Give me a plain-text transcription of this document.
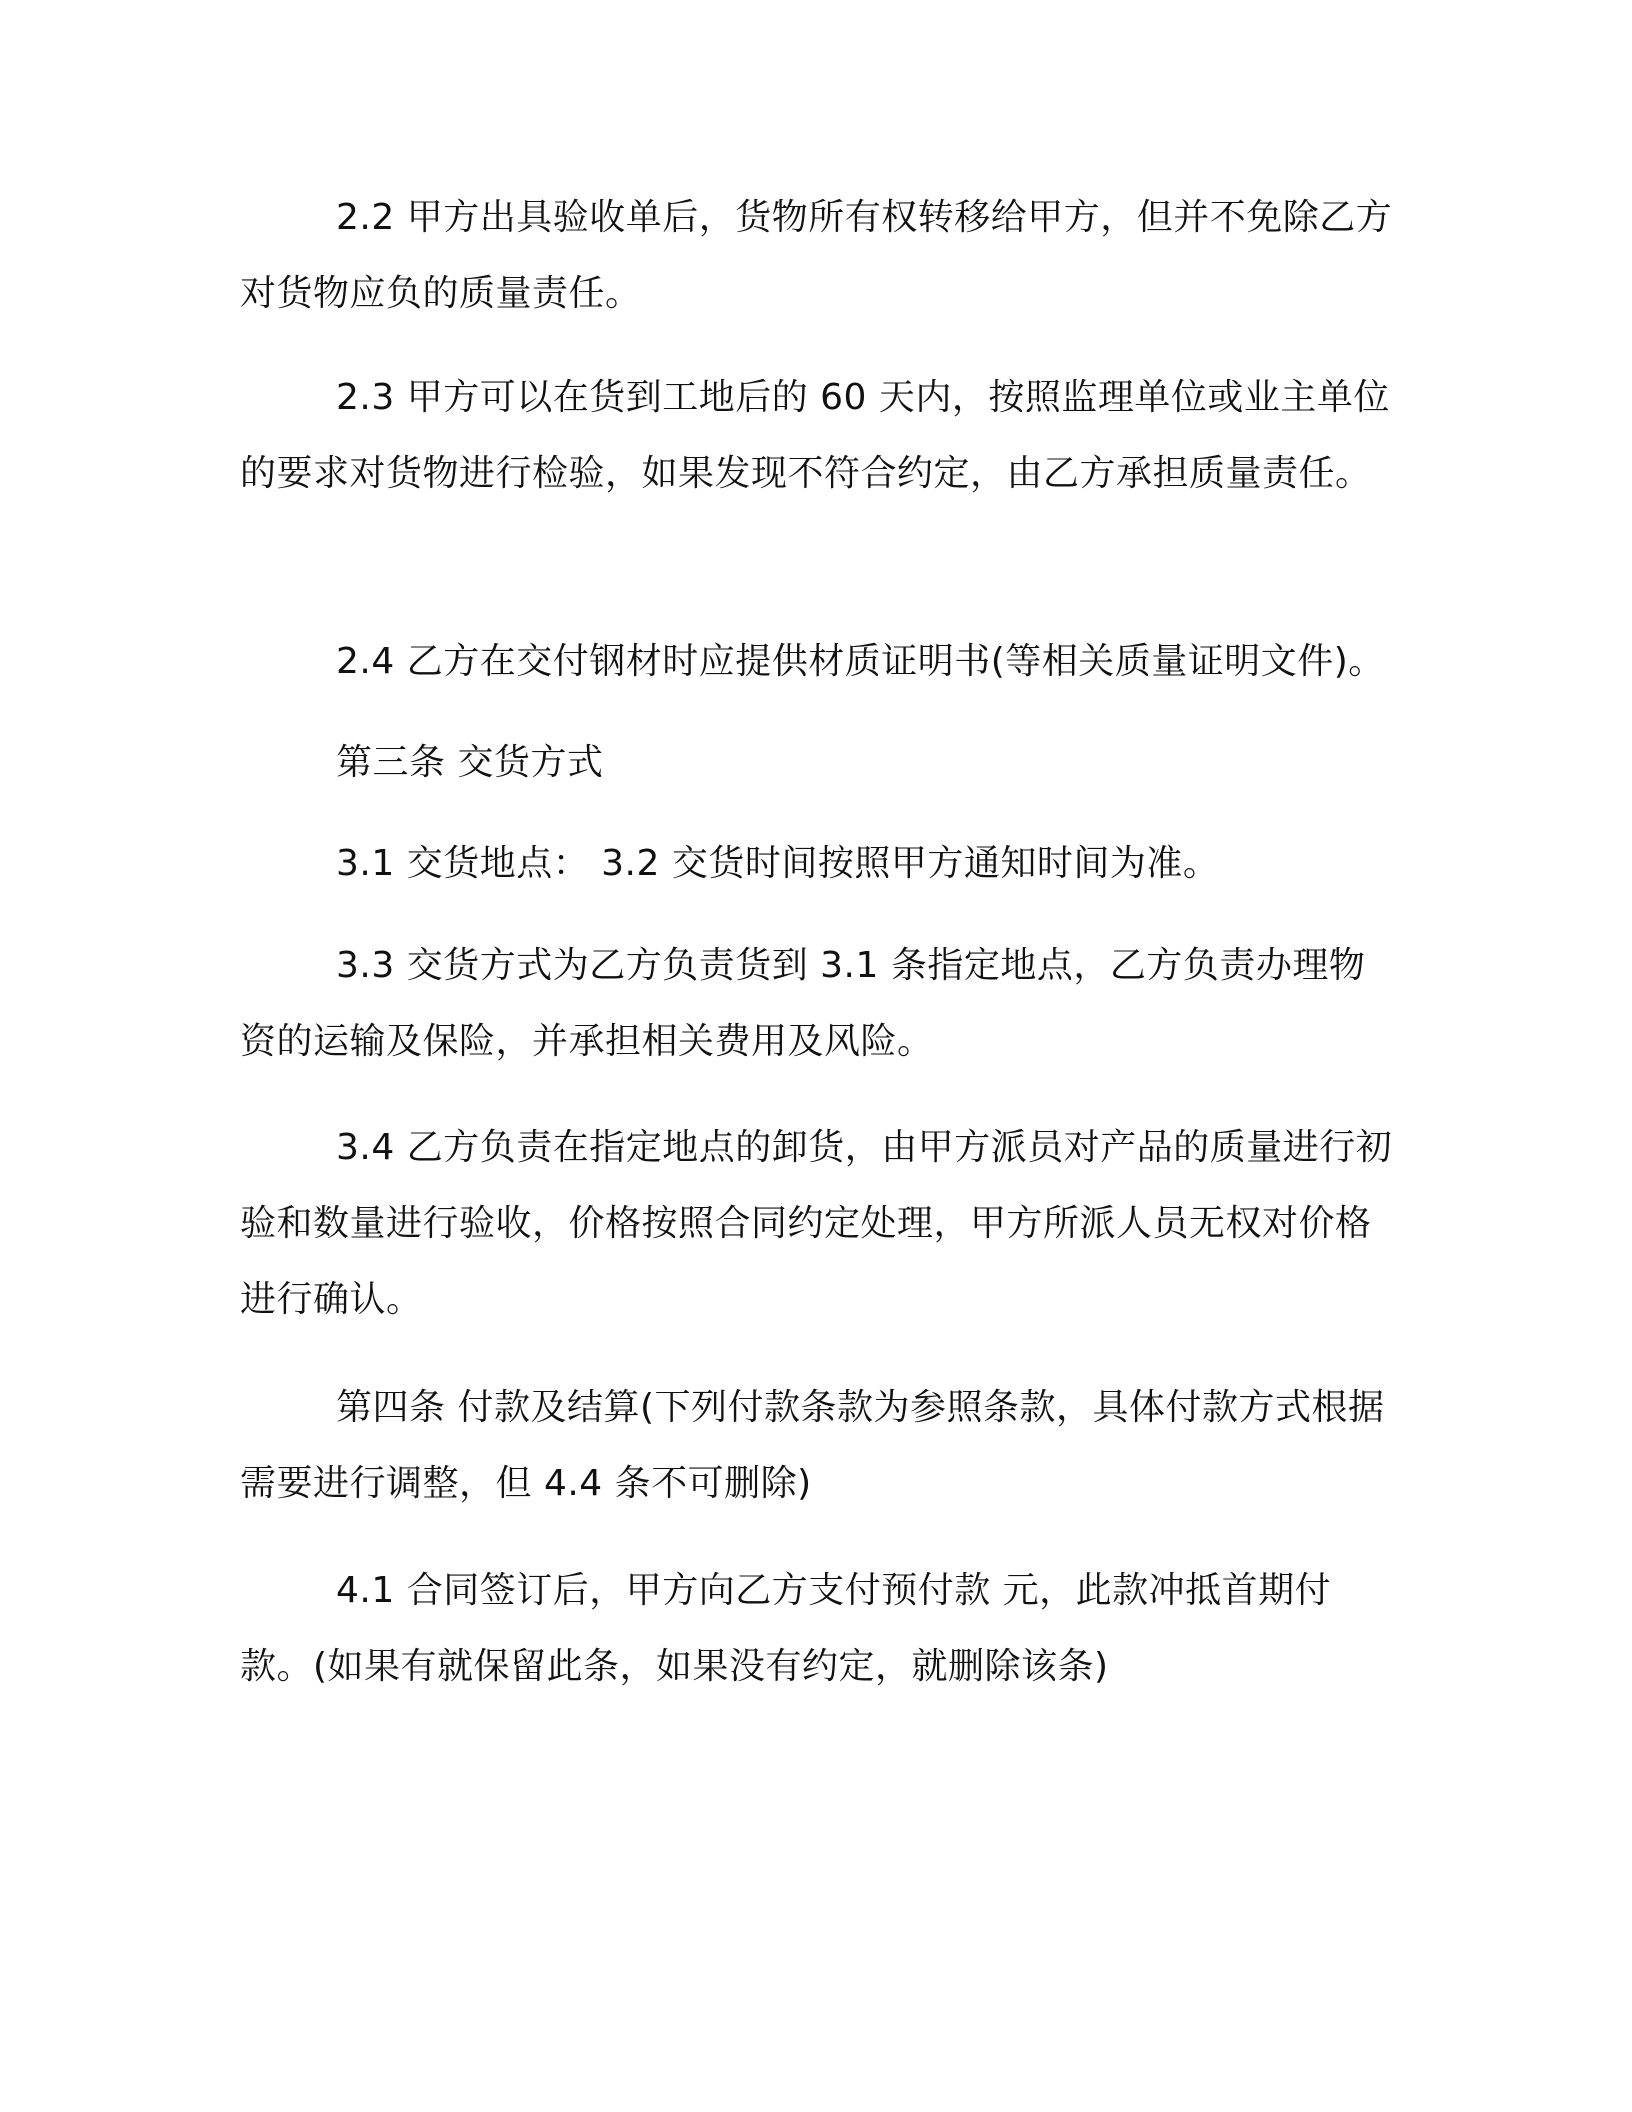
2.2 甲方出具验收单后，货物所有权转移给甲方，但并不免除乙方对货物应负的质量责任。

2.3 甲方可以在货到工地后的 60 天内，按照监理单位或业主单位的要求对货物进行检验，如果发现不符合约定，由乙方承担质量责任。

2.4 乙方在交付钢材时应提供材质证明书(等相关质量证明文件)。

第三条 交货方式

3.1 交货地点： 3.2 交货时间按照甲方通知时间为准。

3.3 交货方式为乙方负责货到 3.1 条指定地点，乙方负责办理物资的运输及保险，并承担相关费用及风险。

3.4 乙方负责在指定地点的卸货，由甲方派员对产品的质量进行初验和数量进行验收，价格按照合同约定处理，甲方所派人员无权对价格进行确认。

第四条 付款及结算(下列付款条款为参照条款，具体付款方式根据需要进行调整，但 4.4 条不可删除)

4.1 合同签订后，甲方向乙方支付预付款 元，此款冲抵首期付款。(如果有就保留此条，如果没有约定，就删除该条)
